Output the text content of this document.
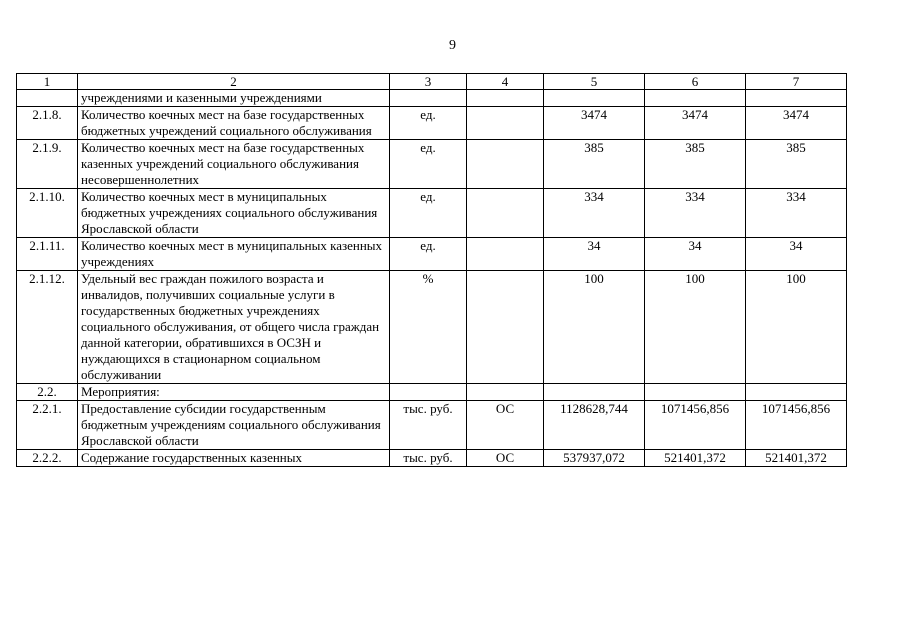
9
1	2	3	4	5	6	7
	учреждениями и казенными учреждениями					
2.1.8.	Количество коечных мест на базе государственных бюджетных учреждений социального обслуживания	ед.		3474	3474	3474
2.1.9.	Количество коечных мест на базе государственных казенных учреждений социального обслуживания несовершеннолетних	ед.		385	385	385
2.1.10.	Количество коечных мест в муниципальных бюджетных учреждениях социального обслуживания Ярославской области	ед.		334	334	334
2.1.11.	Количество коечных мест в муниципальных казенных учреждениях	ед.		34	34	34
2.1.12.	Удельный вес граждан пожилого возраста и инвалидов, получивших социальные услуги в государственных бюджетных учреждениях социального обслуживания, от общего числа граждан данной категории, обратившихся в ОСЗН и нуждающихся в стационарном социальном обслуживании	%		100	100	100
2.2.	Мероприятия:					
2.2.1.	Предоставление субсидии государственным бюджетным учреждениям социального обслуживания Ярославской области	тыс. руб.	ОС	1128628,744	1071456,856	1071456,856
2.2.2.	Содержание государственных казенных	тыс. руб.	ОС	537937,072	521401,372	521401,372
